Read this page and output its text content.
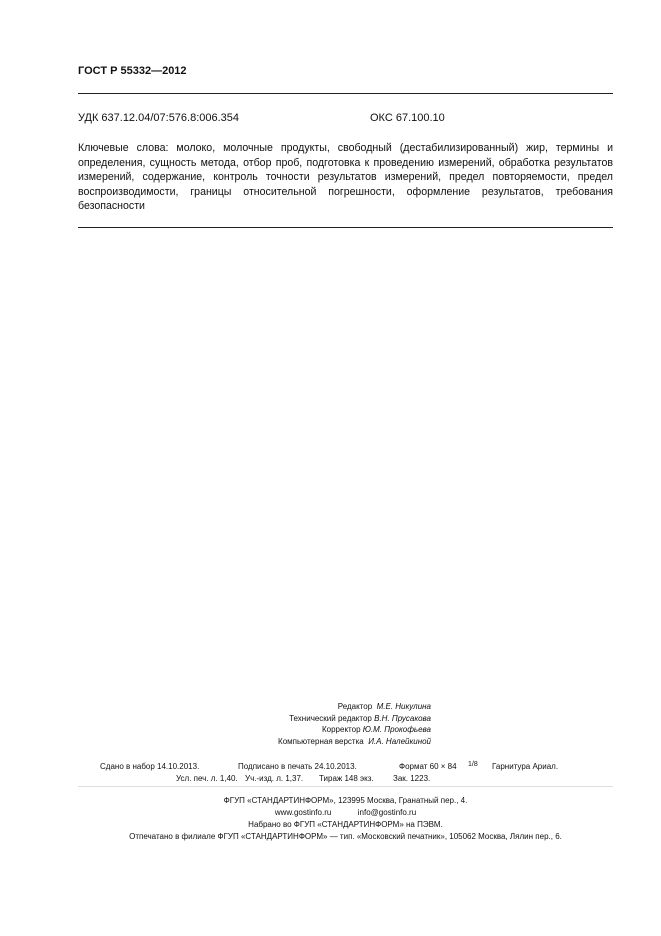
ГОСТ Р 55332—2012
УДК 637.12.04/07:576.8:006.354	ОКС 67.100.10
Ключевые слова: молоко, молочные продукты, свободный (дестабилизированный) жир, термины и определения, сущность метода, отбор проб, подготовка к проведению измерений, обработка результатов измерений, содержание, контроль точности результатов измерений, предел повторяемости, предел воспроизводимости, границы относительной погрешности, оформление результатов, требования безопасности
Редактор М.Е. Никулина
Технический редактор В.Н. Прусакова
Корректор Ю.М. Прокофьева
Компьютерная верстка И.А. Налейкиной
Сдано в набор 14.10.2013.	Подписано в печать 24.10.2013.	Формат 60 × 84 1/8 Гарнитура Ариал.
Усл. печ. л. 1,40. Уч.-изд. л. 1,37. Тираж 148 экз. Зак. 1223.
ФГУП «СТАНДАРТИНФОРМ», 123995 Москва, Гранатный пер., 4.
www.gostinfo.ru	info@gostinfo.ru
Набрано во ФГУП «СТАНДАРТИНФОРМ» на ПЭВМ.
Отпечатано в филиале ФГУП «СТАНДАРТИНФОРМ» — тип. «Московский печатник», 105062 Москва, Лялин пер., 6.
